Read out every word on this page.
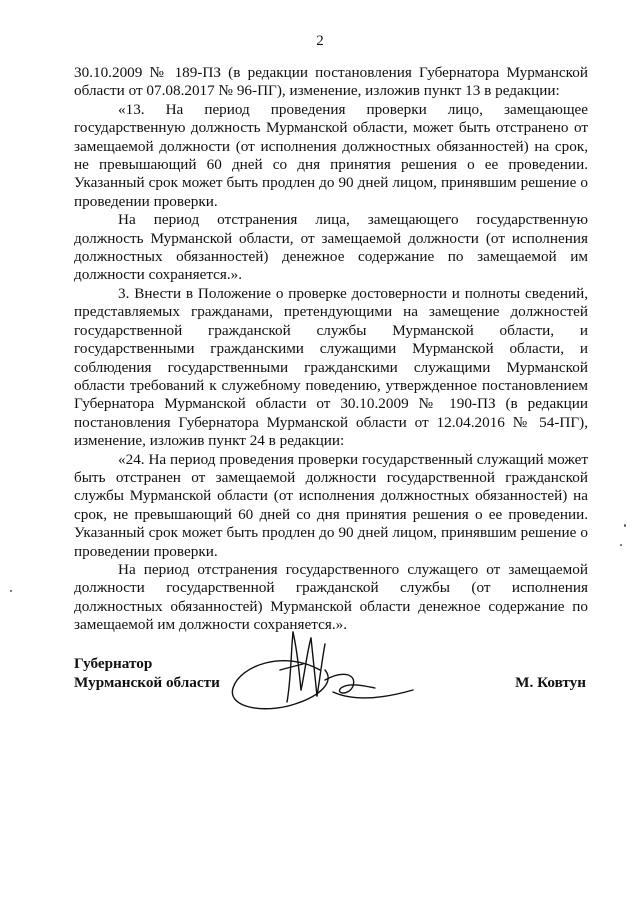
2

30.10.2009 № 189-ПЗ (в редакции постановления Губернатора Мурманской области от 07.08.2017 № 96-ПГ), изменение, изложив пункт 13 в редакции:

«13. На период проведения проверки лицо, замещающее государственную должность Мурманской области, может быть отстранено от замещаемой должности (от исполнения должностных обязанностей) на срок, не превышающий 60 дней со дня принятия решения о ее проведении. Указанный срок может быть продлен до 90 дней лицом, принявшим решение о проведении проверки.

На период отстранения лица, замещающего государственную должность Мурманской области, от замещаемой должности (от исполнения должностных обязанностей) денежное содержание по замещаемой им должности сохраняется.».

3. Внести в Положение о проверке достоверности и полноты сведений, представляемых гражданами, претендующими на замещение должностей государственной гражданской службы Мурманской области, и государственными гражданскими служащими Мурманской области, и соблюдения государственными гражданскими служащими Мурманской области требований к служебному поведению, утвержденное постановлением Губернатора Мурманской области от 30.10.2009 № 190-ПЗ (в редакции постановления Губернатора Мурманской области от 12.04.2016 № 54-ПГ), изменение, изложив пункт 24 в редакции:

«24. На период проведения проверки государственный служащий может быть отстранен от замещаемой должности государственной гражданской службы Мурманской области (от исполнения должностных обязанностей) на срок, не превышающий 60 дней со дня принятия решения о ее проведении. Указанный срок может быть продлен до 90 дней лицом, принявшим решение о проведении проверки.

На период отстранения государственного служащего от замещаемой должности государственной гражданской службы (от исполнения должностных обязанностей) Мурманской области денежное содержание по замещаемой им должности сохраняется.».

Губернатор
Мурманской области	М. Ковтун
